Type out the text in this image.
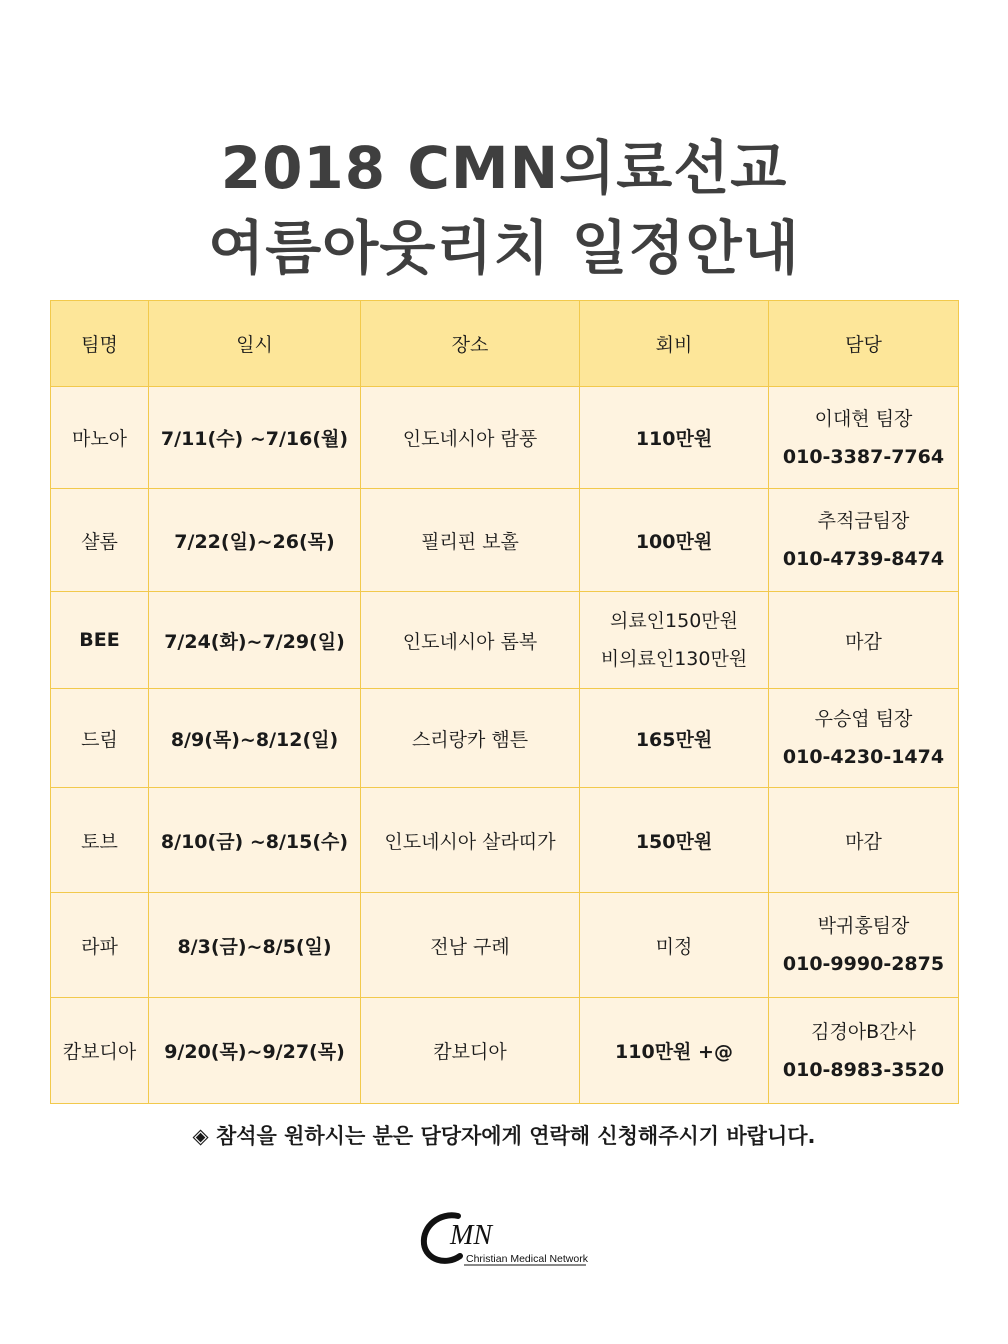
2018 CMN의료선교
여름아웃리치 일정안내
팀명	일시	장소	회비	담당
마노아	7/11(수) ~7/16(월)	인도네시아 람풍	110만원	이대현 팀장
010-3387-7764

샬롬	7/22(일)~26(목)	필리핀 보홀	100만원	추적금팀장
010-4739-8474

BEE	7/24(화)~7/29(일)	인도네시아 롬복	의료인150만원
비의료인130만원	마감
드림	8/9(목)~8/12(일)	스리랑카 햄튼	165만원	우승엽 팀장
010-4230-1474

토브	8/10(금) ~8/15(수)	인도네시아 살라띠가	150만원	마감
라파	8/3(금)~8/5(일)	전남 구례	미정	박귀홍팀장
010-9990-2875

캄보디아	9/20(목)~9/27(목)	캄보디아	110만원 +@	김경아B간사
010-8983-3520
◈ 참석을 원하시는 분은 담당자에게 연락해 신청해주시기 바랍니다.
MN
Christian Medical Network
